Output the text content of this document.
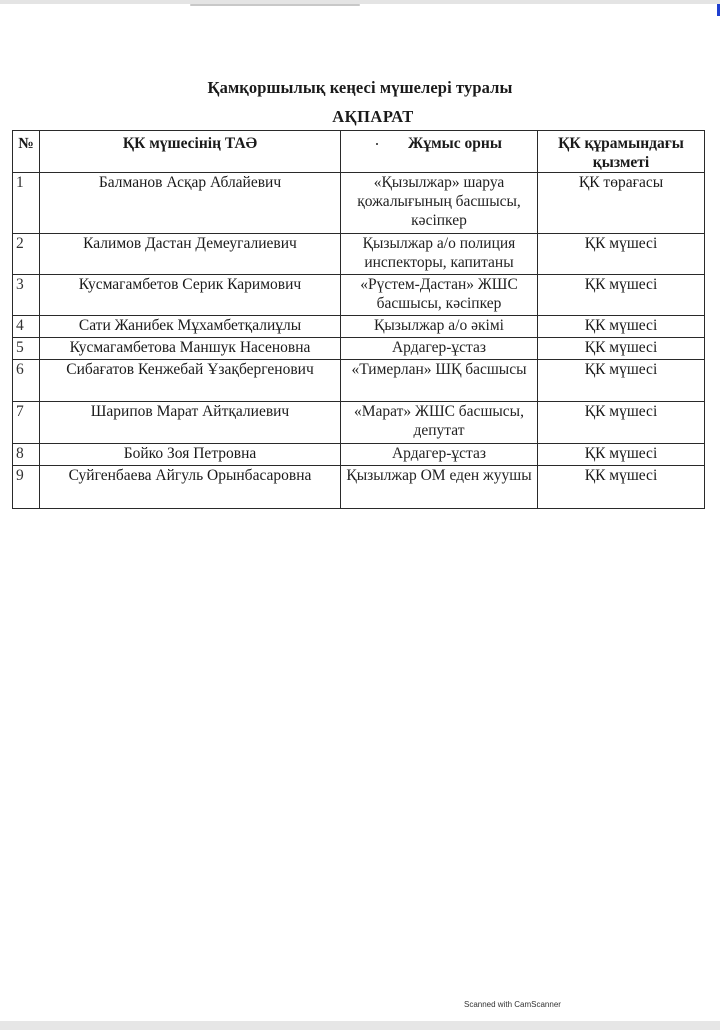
Қамқоршылық кеңесі мүшелері туралы
АҚПАРАТ
№	ҚК мүшесінің ТАӘ	Жұмыс орны	ҚК құрамындағы қызметі
1	Балманов Асқар Аблайевич	«Қызылжар» шаруа қожалығының басшысы, кәсіпкер	ҚК төрағасы
2	Калимов Дастан Демеугалиевич	Қызылжар а/о полиция инспекторы, капитаны	ҚК мүшесі
3	Кусмагамбетов Серик Каримович	«Рүстем-Дастан» ЖШС басшысы, кәсіпкер	ҚК мүшесі
4	Сати Жанибек Мұхамбетқалиұлы	Қызылжар а/о әкімі	ҚК мүшесі
5	Кусмагамбетова Маншук Насеновна	Ардагер-ұстаз	ҚК мүшесі
6	Сибағатов Кенжебай Ұзақбергенович	«Тимерлан» ШҚ басшысы	ҚК мүшесі
7	Шарипов Марат Айтқалиевич	«Марат» ЖШС басшысы, депутат	ҚК мүшесі
8	Бойко Зоя Петровна	Ардагер-ұстаз	ҚК мүшесі
9	Суйгенбаева Айгуль Орынбасаровна	Қызылжар ОМ еден жуушы	ҚК мүшесі
Scanned with CamScanner
